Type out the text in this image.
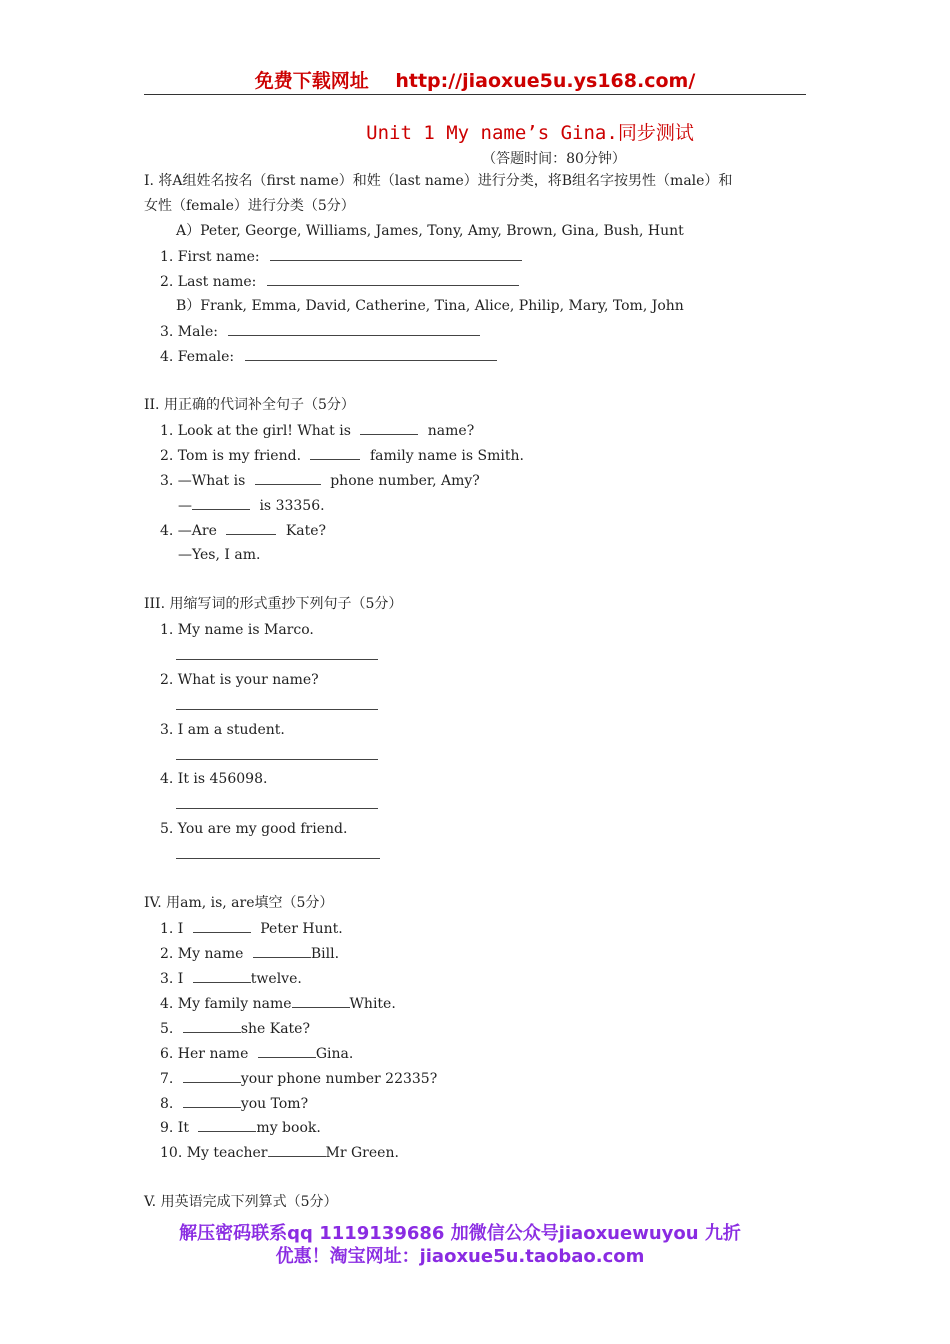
免费下载网址 http://jiaoxue5u.ys168.com/
Unit 1 My name’s Gina.同步测试
（答题时间：80分钟）
I. 将A组姓名按名（first name）和姓（last name）进行分类，将B组名字按男性（male）和
女性（female）进行分类（5分）
A）Peter, George, Williams, James, Tony, Amy, Brown, Gina, Bush, Hunt
1. First name:
2. Last name:
B）Frank, Emma, David, Catherine, Tina, Alice, Philip, Mary, Tom, John
3. Male:
4. Female:
II. 用正确的代词补全句子（5分）
1. Look at the girl! What is	name?
2. Tom is my friend.	family name is Smith.
3. —What is	phone number, Amy?
—	is 33356.
4. —Are	Kate?
—Yes, I am.
III. 用缩写词的形式重抄下列句子（5分）
1. My name is Marco.
2. What is your name?
3. I am a student.
4. It is 456098.
5. You are my good friend.
IV. 用am, is, are填空（5分）
1. I	Peter Hunt.
2. My name	Bill.
3. I	twelve.
4. My family name	White.
5.	she Kate?
6. Her name	Gina.
7.	your phone number 22335?
8.	you Tom?
9. It	my book.
10. My teacher	Mr Green.
V. 用英语完成下列算式（5分）
解压密码联系qq 1119139686 加微信公众号jiaoxuewuyou 九折
优惠！淘宝网址：jiaoxue5u.taobao.com
